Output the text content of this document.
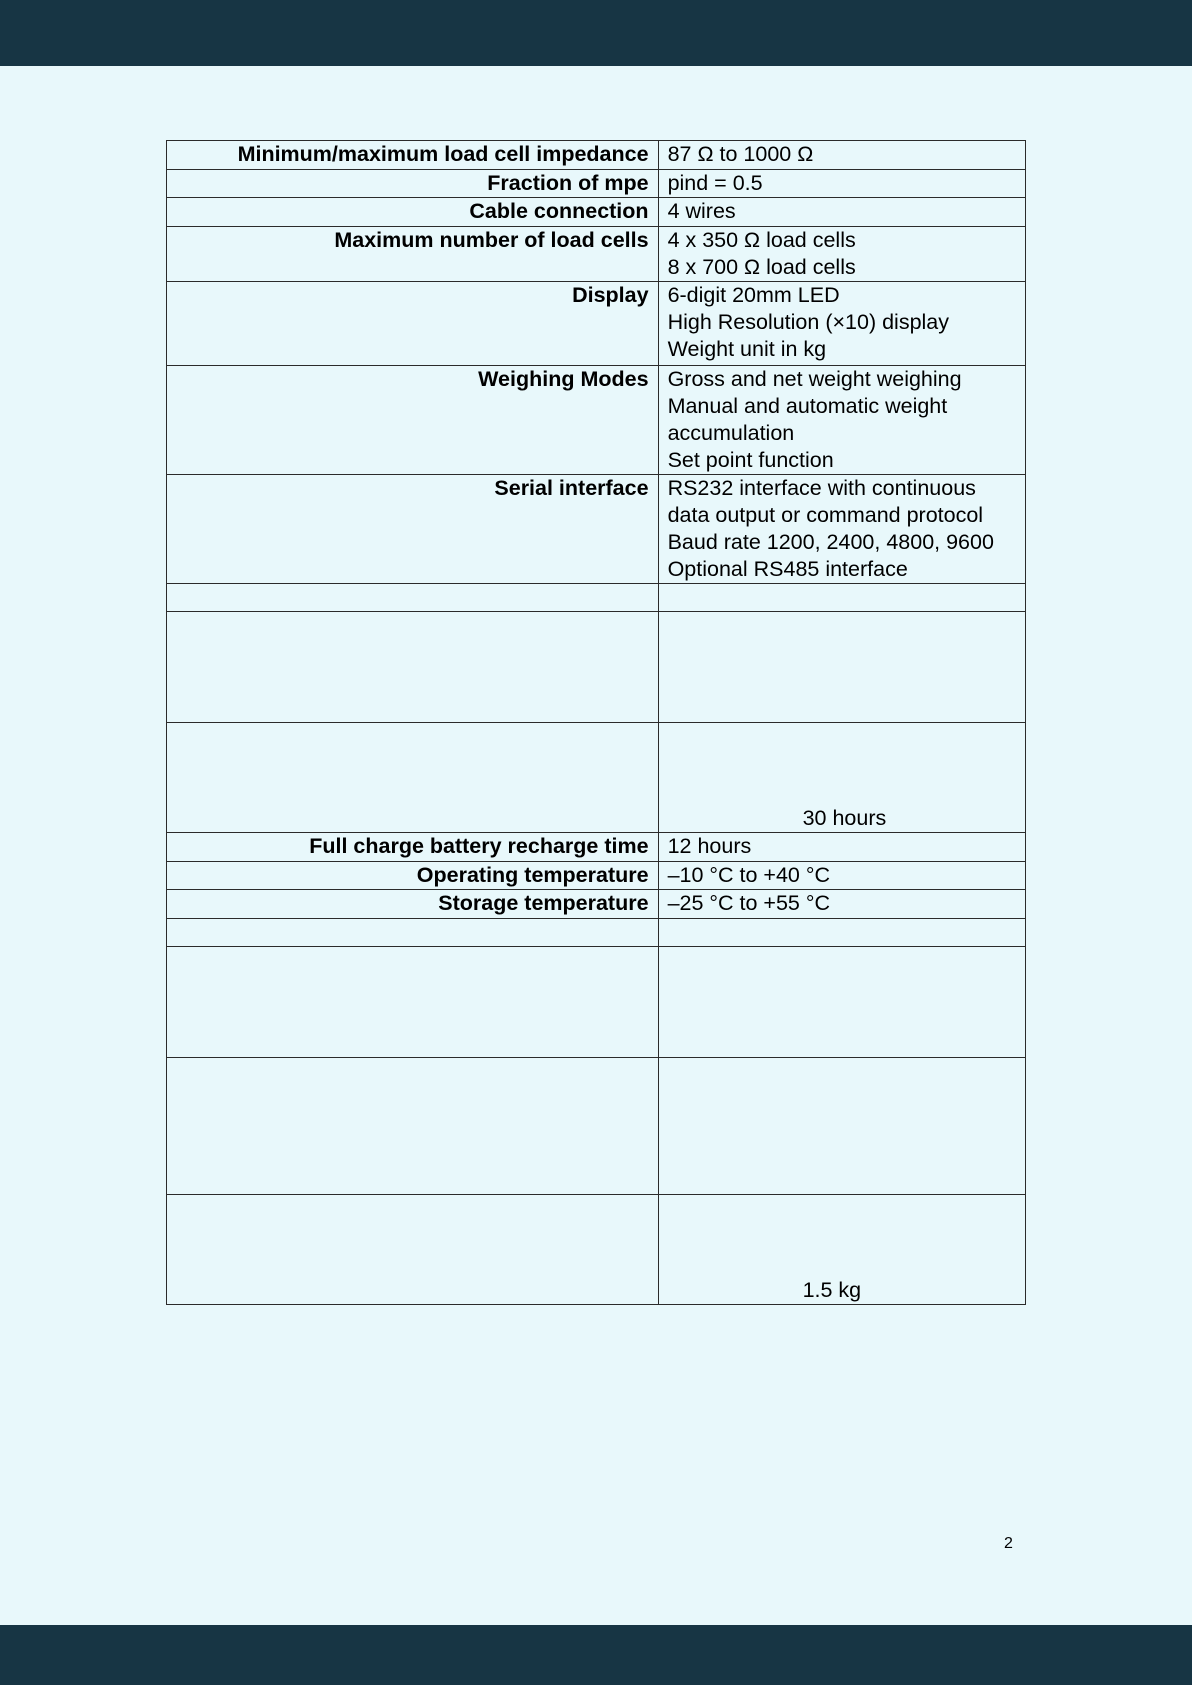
Minimum/maximum load cell impedance	87 Ω to 1000 Ω
Fraction of mpe	pind = 0.5
Cable connection	4 wires
Maximum number of load cells	4 x 350 Ω load cells
8 x 700 Ω load cells

Display	6-digit 20mm LED
High Resolution (×10) display
Weight unit in kg

Weighing Modes	Gross and net weight weighing
Manual and automatic weight accumulation
Set point function

Serial interface	RS232 interface with continuous data output or command protocol
Baud rate 1200, 2400, 4800, 9600
Optional RS485 interface

	30 hours

Full charge battery recharge time	12 hours
Operating temperature	–10 °C to +40 °C
Storage temperature	–25 °C to +55 °C

	1.5 kg
2
